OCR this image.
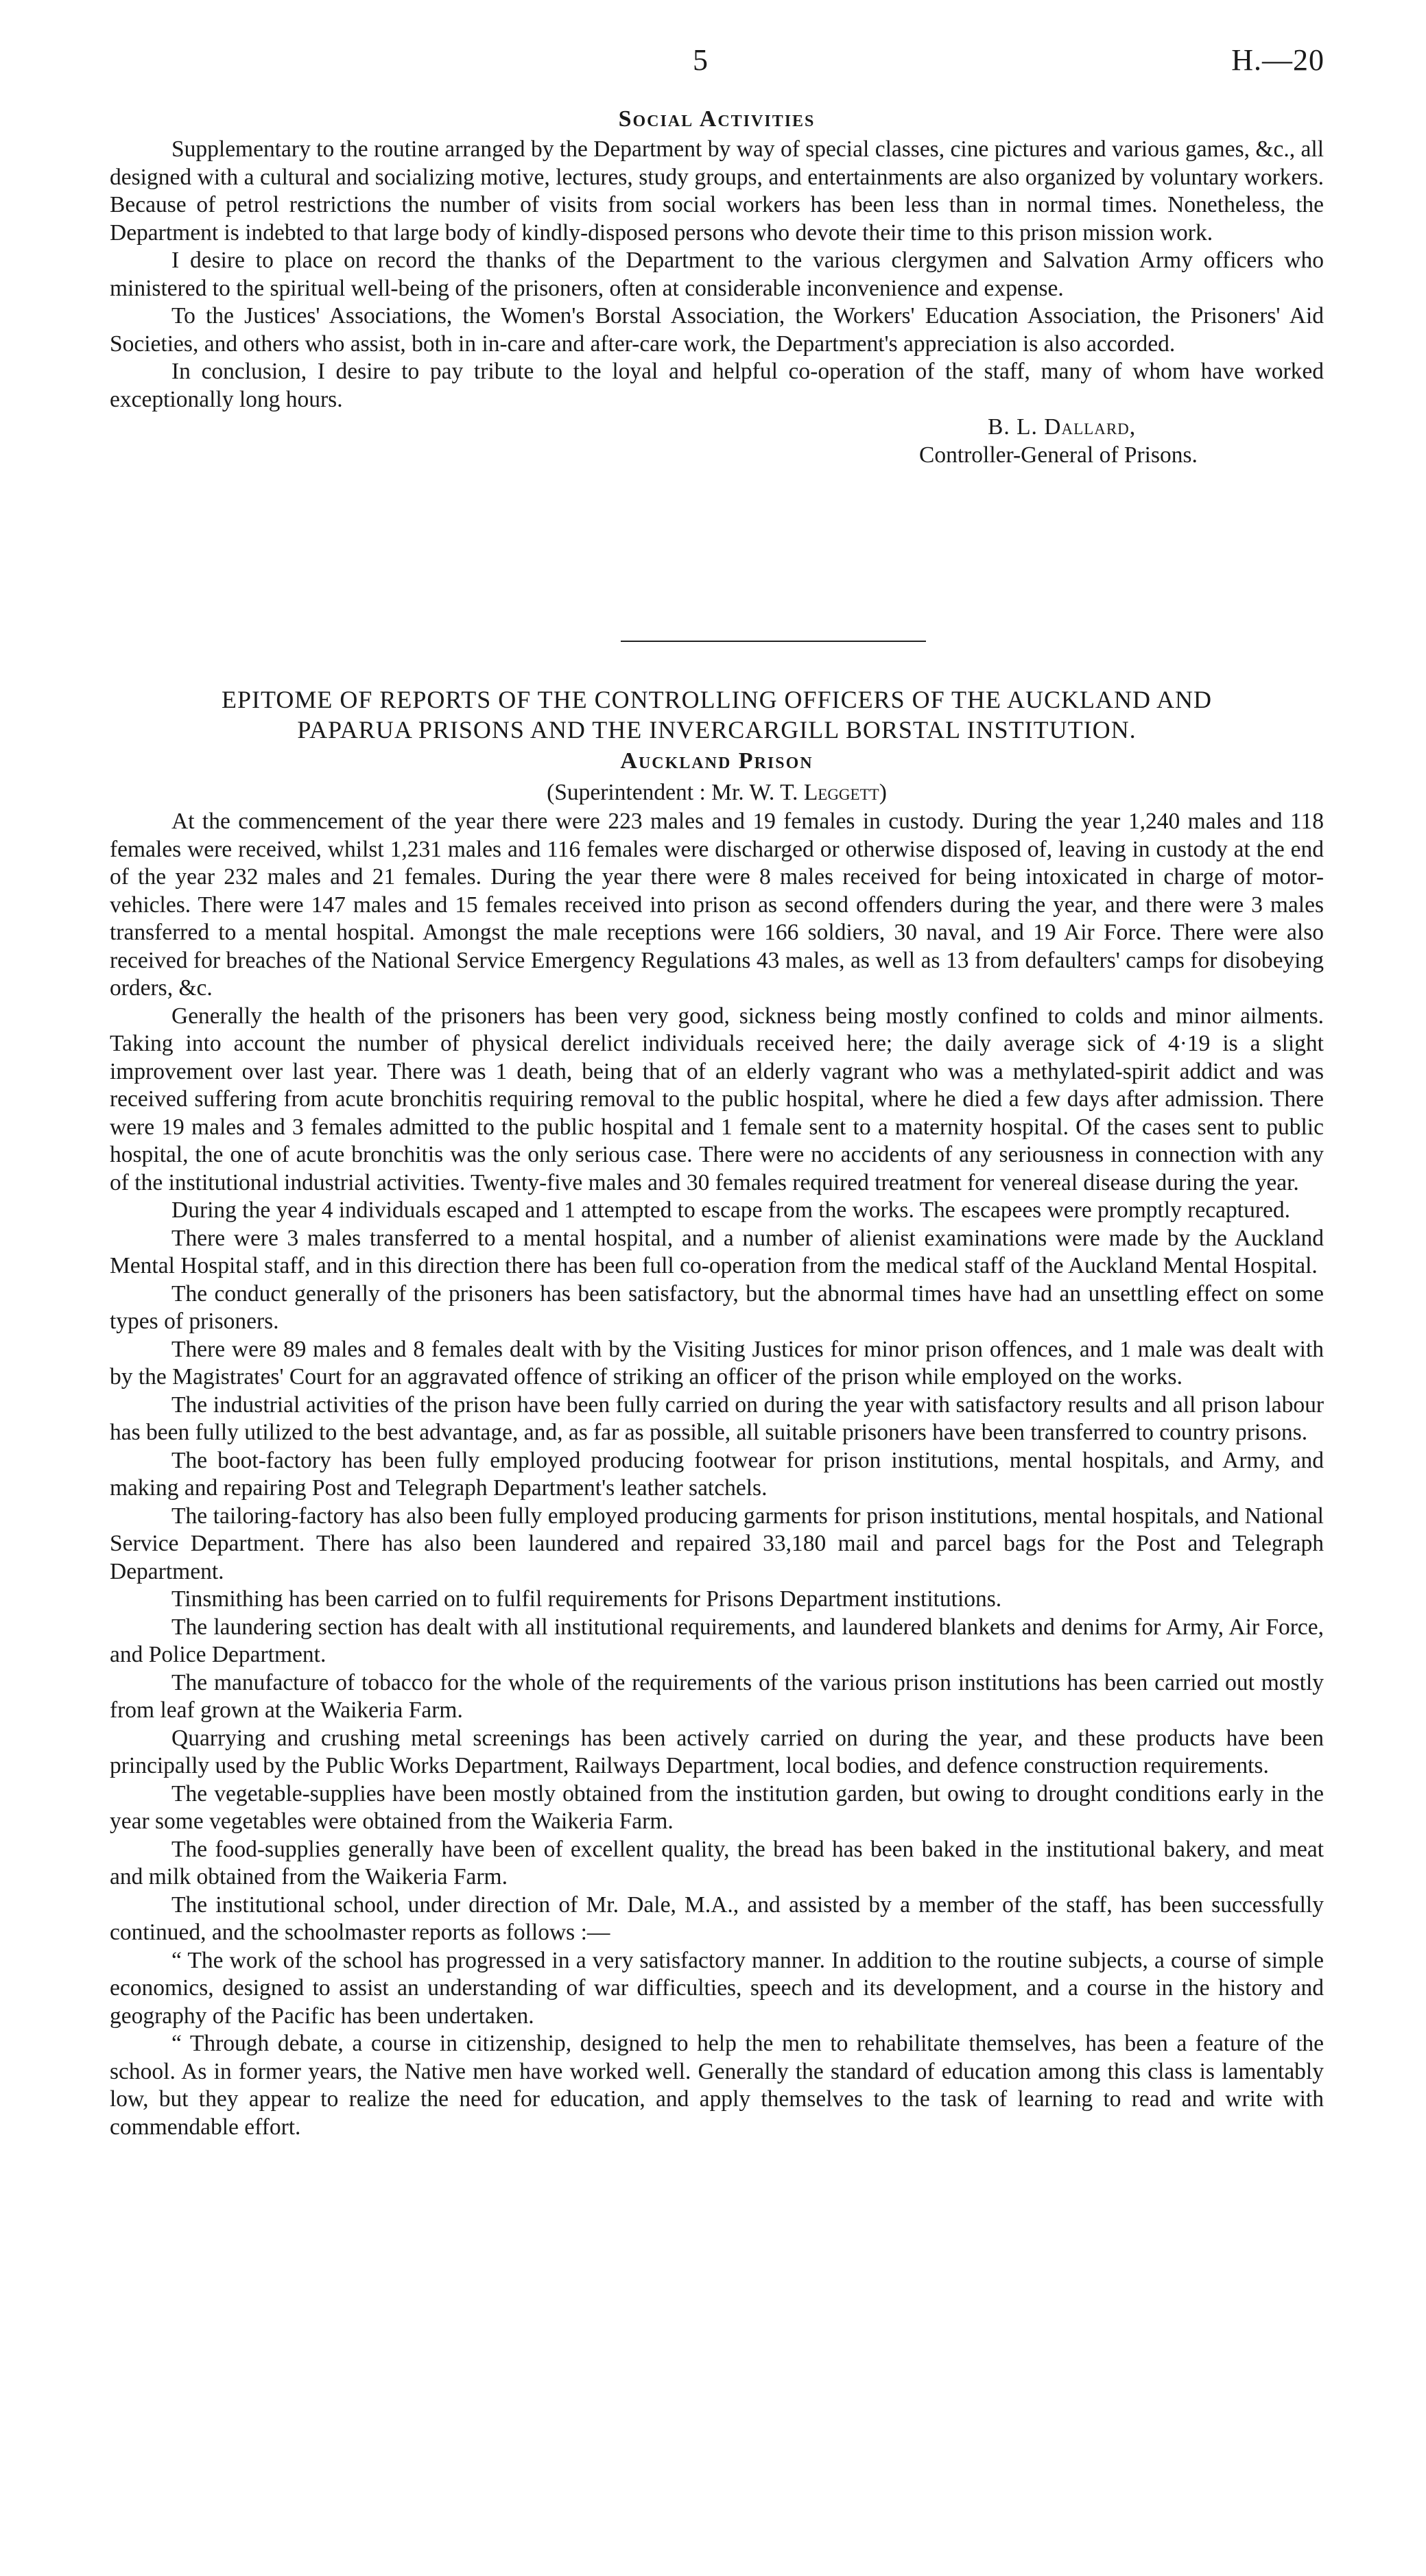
5	H.—20
Social Activities

Supplementary to the routine arranged by the Department by way of special classes, cine pictures and various games, &c., all designed with a cultural and socializing motive, lectures, study groups, and entertainments are also organized by voluntary workers. Because of petrol restrictions the number of visits from social workers has been less than in normal times. Nonetheless, the Department is indebted to that large body of kindly-disposed persons who devote their time to this prison mission work.

I desire to place on record the thanks of the Department to the various clergymen and Salvation Army officers who ministered to the spiritual well-being of the prisoners, often at considerable inconvenience and expense.

To the Justices' Associations, the Women's Borstal Association, the Workers' Education Association, the Prisoners' Aid Societies, and others who assist, both in in-care and after-care work, the Department's appreciation is also accorded.

In conclusion, I desire to pay tribute to the loyal and helpful co-operation of the staff, many of whom have worked exceptionally long hours.

B. L. Dallard,
Controller-General of Prisons.
EPITOME OF REPORTS OF THE CONTROLLING OFFICERS OF THE AUCKLAND AND
PAPARUA PRISONS AND THE INVERCARGILL BORSTAL INSTITUTION.
Auckland Prison

(Superintendent : Mr. W. T. Leggett)

At the commencement of the year there were 223 males and 19 females in custody. During the year 1,240 males and 118 females were received, whilst 1,231 males and 116 females were discharged or otherwise disposed of, leaving in custody at the end of the year 232 males and 21 females. During the year there were 8 males received for being intoxicated in charge of motor-vehicles. There were 147 males and 15 females received into prison as second offenders during the year, and there were 3 males transferred to a mental hospital. Amongst the male receptions were 166 soldiers, 30 naval, and 19 Air Force. There were also received for breaches of the National Service Emergency Regulations 43 males, as well as 13 from defaulters' camps for disobeying orders, &c.

Generally the health of the prisoners has been very good, sickness being mostly confined to colds and minor ailments. Taking into account the number of physical derelict individuals received here; the daily average sick of 4·19 is a slight improvement over last year. There was 1 death, being that of an elderly vagrant who was a methylated-spirit addict and was received suffering from acute bronchitis requiring removal to the public hospital, where he died a few days after admission. There were 19 males and 3 females admitted to the public hospital and 1 female sent to a maternity hospital. Of the cases sent to public hospital, the one of acute bronchitis was the only serious case. There were no accidents of any seriousness in connection with any of the institutional industrial activities. Twenty-five males and 30 females required treatment for venereal disease during the year.

During the year 4 individuals escaped and 1 attempted to escape from the works. The escapees were promptly recaptured.

There were 3 males transferred to a mental hospital, and a number of alienist examinations were made by the Auckland Mental Hospital staff, and in this direction there has been full co-operation from the medical staff of the Auckland Mental Hospital.

The conduct generally of the prisoners has been satisfactory, but the abnormal times have had an unsettling effect on some types of prisoners.

There were 89 males and 8 females dealt with by the Visiting Justices for minor prison offences, and 1 male was dealt with by the Magistrates' Court for an aggravated offence of striking an officer of the prison while employed on the works.

The industrial activities of the prison have been fully carried on during the year with satisfactory results and all prison labour has been fully utilized to the best advantage, and, as far as possible, all suitable prisoners have been transferred to country prisons.

The boot-factory has been fully employed producing footwear for prison institutions, mental hospitals, and Army, and making and repairing Post and Telegraph Department's leather satchels.

The tailoring-factory has also been fully employed producing garments for prison institutions, mental hospitals, and National Service Department. There has also been laundered and repaired 33,180 mail and parcel bags for the Post and Telegraph Department.

Tinsmithing has been carried on to fulfil requirements for Prisons Department institutions.

The laundering section has dealt with all institutional requirements, and laundered blankets and denims for Army, Air Force, and Police Department.

The manufacture of tobacco for the whole of the requirements of the various prison institutions has been carried out mostly from leaf grown at the Waikeria Farm.

Quarrying and crushing metal screenings has been actively carried on during the year, and these products have been principally used by the Public Works Department, Railways Department, local bodies, and defence construction requirements.

The vegetable-supplies have been mostly obtained from the institution garden, but owing to drought conditions early in the year some vegetables were obtained from the Waikeria Farm.

The food-supplies generally have been of excellent quality, the bread has been baked in the institutional bakery, and meat and milk obtained from the Waikeria Farm.

The institutional school, under direction of Mr. Dale, M.A., and assisted by a member of the staff, has been successfully continued, and the schoolmaster reports as follows :—

“ The work of the school has progressed in a very satisfactory manner. In addition to the routine subjects, a course of simple economics, designed to assist an understanding of war difficulties, speech and its development, and a course in the history and geography of the Pacific has been undertaken.

“ Through debate, a course in citizenship, designed to help the men to rehabilitate themselves, has been a feature of the school. As in former years, the Native men have worked well. Generally the standard of education among this class is lamentably low, but they appear to realize the need for education, and apply themselves to the task of learning to read and write with commendable effort.
